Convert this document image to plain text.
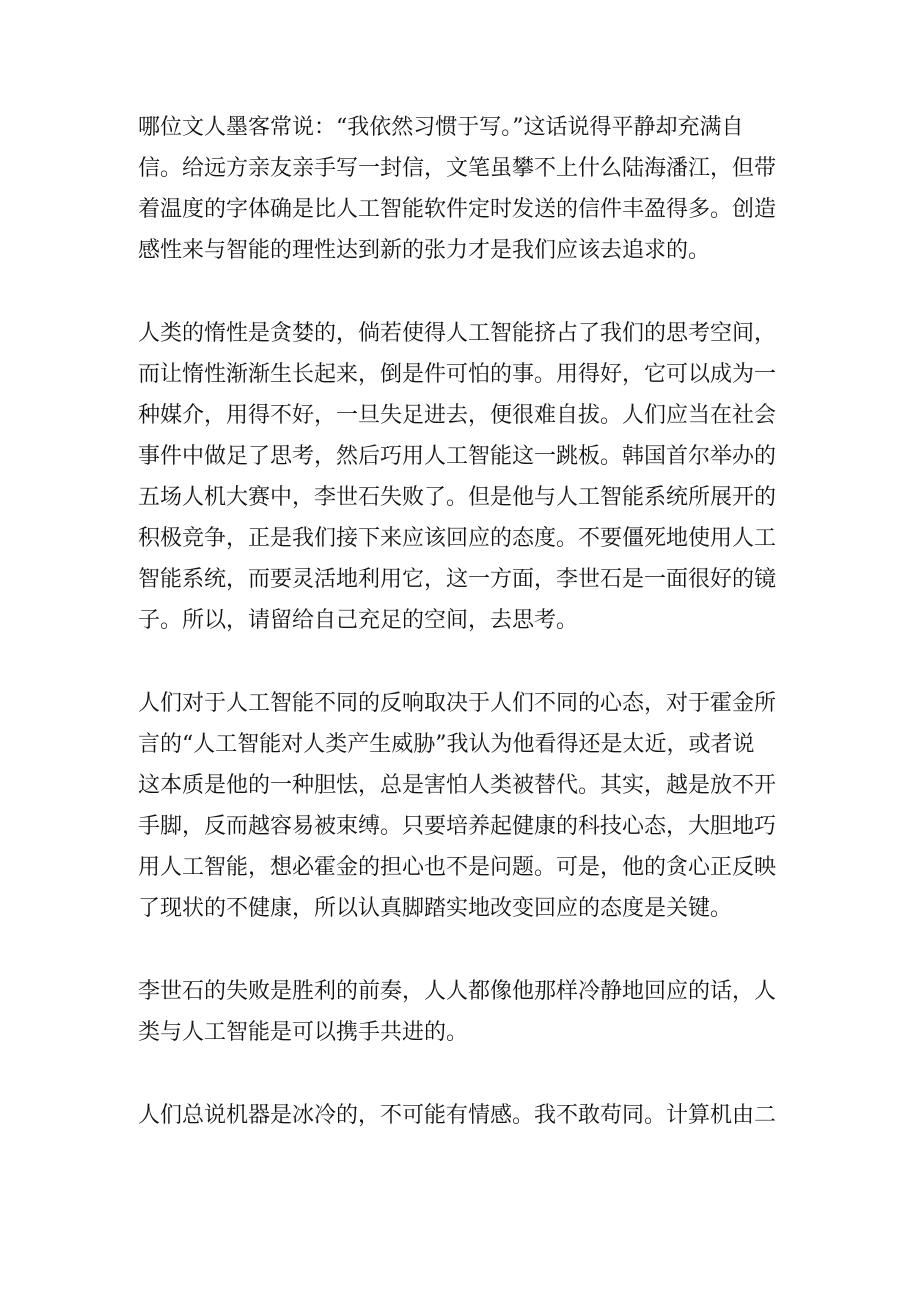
哪位文人墨客常说：“我依然习惯于写。”这话说得平静却充满自
信。给远方亲友亲手写一封信，文笔虽攀不上什么陆海潘江，但带
着温度的字体确是比人工智能软件定时发送的信件丰盈得多。创造
感性来与智能的理性达到新的张力才是我们应该去追求的。

人类的惰性是贪婪的，倘若使得人工智能挤占了我们的思考空间，
而让惰性渐渐生长起来，倒是件可怕的事。用得好，它可以成为一
种媒介，用得不好，一旦失足进去，便很难自拔。人们应当在社会
事件中做足了思考，然后巧用人工智能这一跳板。韩国首尔举办的
五场人机大赛中，李世石失败了。但是他与人工智能系统所展开的
积极竞争，正是我们接下来应该回应的态度。不要僵死地使用人工
智能系统，而要灵活地利用它，这一方面，李世石是一面很好的镜
子。所以，请留给自己充足的空间，去思考。

人们对于人工智能不同的反响取决于人们不同的心态，对于霍金所
言的“人工智能对人类产生威胁”我认为他看得还是太近，或者说
这本质是他的一种胆怯，总是害怕人类被替代。其实，越是放不开
手脚，反而越容易被束缚。只要培养起健康的科技心态，大胆地巧
用人工智能，想必霍金的担心也不是问题。可是，他的贪心正反映
了现状的不健康，所以认真脚踏实地改变回应的态度是关键。

李世石的失败是胜利的前奏，人人都像他那样冷静地回应的话，人
类与人工智能是可以携手共进的。

人们总说机器是冰冷的，不可能有情感。我不敢苟同。计算机由二
